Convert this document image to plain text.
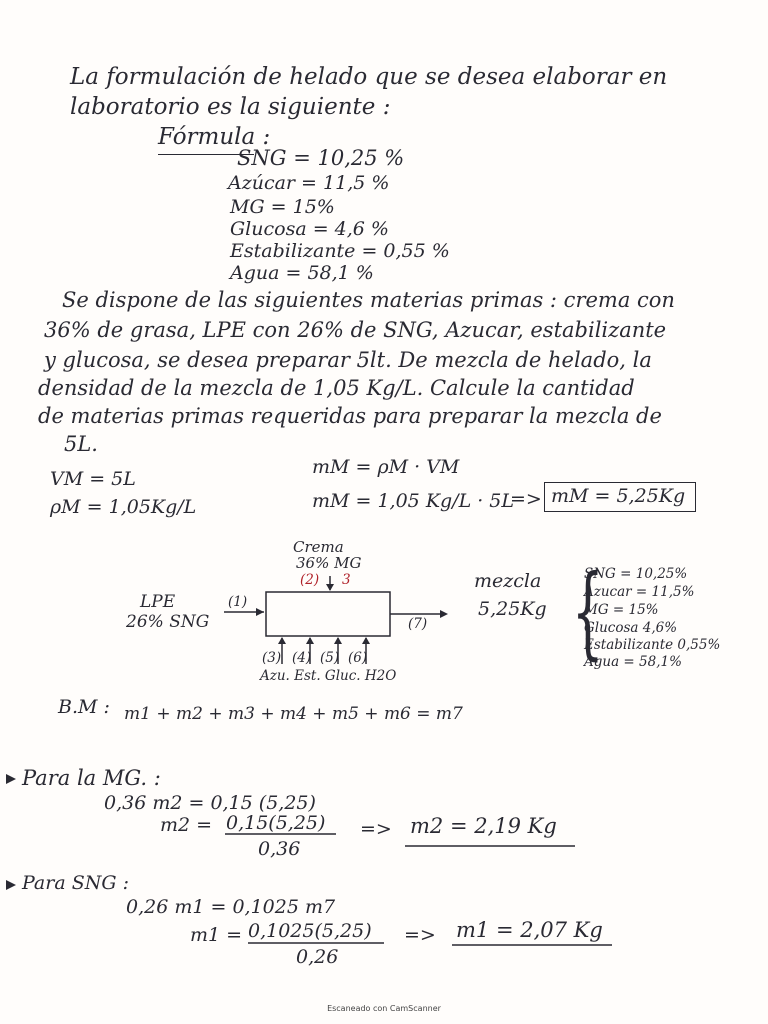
La formulación de helado que se desea elaborar en
laboratorio es la siguiente :
Fórmula :
SNG = 10,25 %
Azúcar = 11,5 %
MG = 15%
Glucosa = 4,6 %
Estabilizante = 0,55 %
Agua = 58,1 %
Se dispone de las siguientes materias primas : crema con
36% de grasa, LPE con 26% de SNG, Azucar, estabilizante
y glucosa, se desea preparar 5lt. De mezcla de helado, la
densidad de la mezcla de 1,05 Kg/L. Calcule la cantidad
de materias primas requeridas para preparar la mezcla de
5L.
VM = 5L
ρM = 1,05Kg/L
mM = ρM · VM
mM = 1,05 Kg/L · 5L
=> mM = 5,25Kg
Crema
36% MG
(2) 3
LPE
26% SNG
(1)
(7)
(3) (4) (5) (6)
Azu. Est. Gluc. H2O
mezcla
5,25Kg {
SNG = 10,25%
Azucar = 11,5%
MG = 15%
Glucosa 4,6%
Estabilizante 0,55%
Agua = 58,1%
B.M : m1 + m2 + m3 + m4 + m5 + m6 = m7
Para la MG. :
0,36 m2 = 0,15 (5,25)
m2 = 0,15(5,25)
0,36
=> m2 = 2,19 Kg
Para SNG :
0,26 m1 = 0,1025 m7
m1 = 0,1025(5,25)
0,26
=> m1 = 2,07 Kg
Escaneado con CamScanner
